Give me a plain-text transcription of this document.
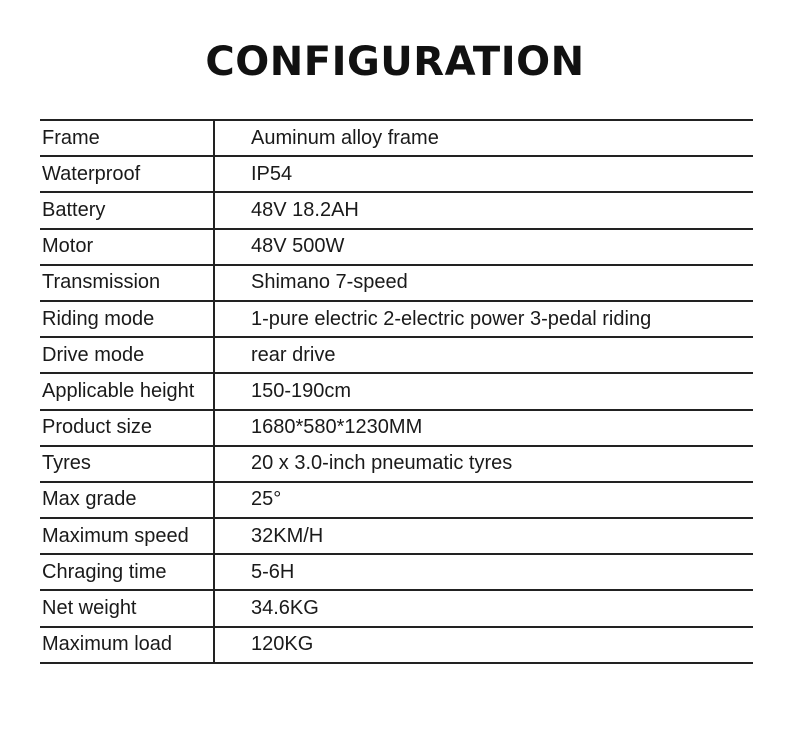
CONFIGURATION
Frame	Auminum alloy frame
Waterproof	IP54
Battery	48V 18.2AH
Motor	48V 500W
Transmission	Shimano 7-speed
Riding mode	1-pure electric 2-electric power 3-pedal riding
Drive mode	rear drive
Applicable height	150-190cm
Product size	1680*580*1230MM
Tyres	20 x 3.0-inch pneumatic tyres
Max grade	25°
Maximum speed	32KM/H
Chraging time	5-6H
Net weight	34.6KG
Maximum load	120KG
